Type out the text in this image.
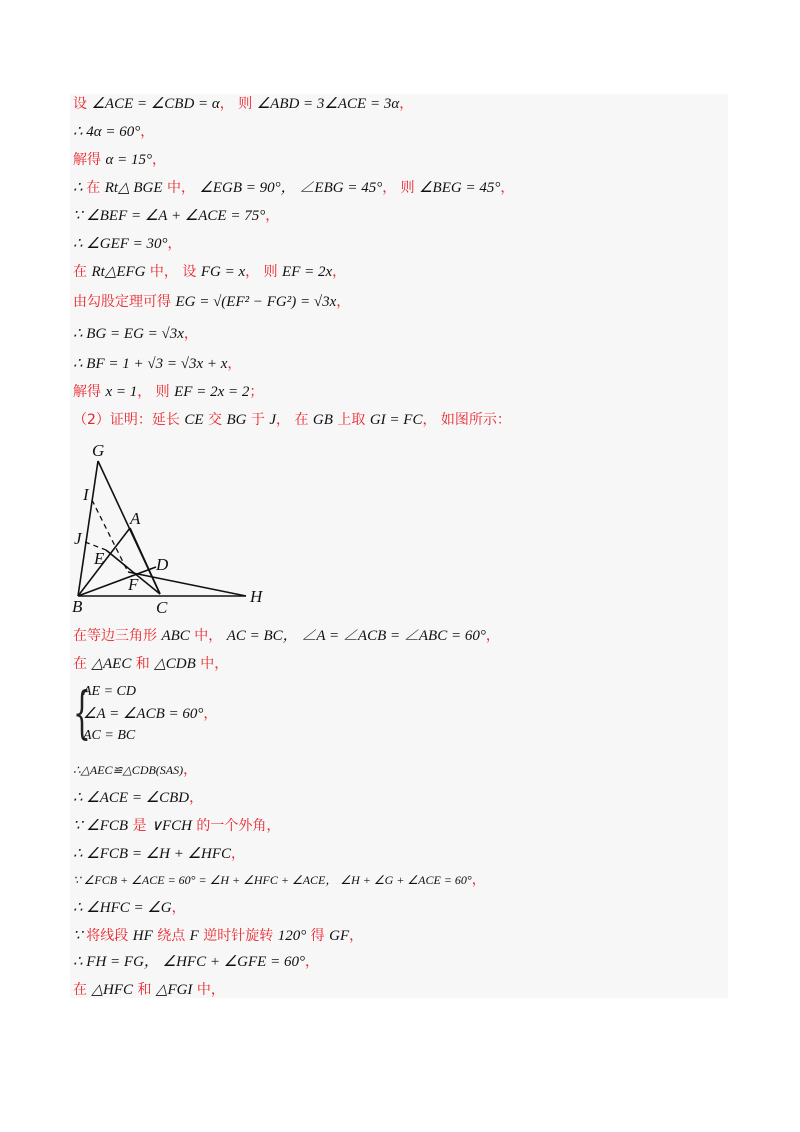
设 ∠ACE = ∠CBD = α， 则 ∠ABD = 3∠ACE = 3α，
∴ 4α = 60°，
解得 α = 15°，
∴ 在 Rt△ BGE 中， ∠EGB = 90°， ∠EBG = 45°， 则 ∠BEG = 45°，
∵ ∠BEF = ∠A + ∠ACE = 75°，
∴ ∠GEF = 30°，
在 Rt△EFG 中， 设 FG = x， 则 EF = 2x，
由勾股定理可得 EG = √(EF² − FG²) = √3x，
∴ BG = EG = √3x，
∴ BF = 1 + √3 = √3x + x，
解得 x = 1， 则 EF = 2x = 2；
（2）证明：延长 CE 交 BG 于 J， 在 GB 上取 GI = FC， 如图所示：
G
I
A
J
E	D
F
B	C
H
在等边三角形 ABC 中， AC = BC， ∠A = ∠ACB = ∠ABC = 60°，
在 △AEC 和 △CDB 中，
{
AE = CD
∠A = ∠ACB = 60°，
AC = BC
∴△AEC≌△CDB(SAS)，
∴ ∠ACE = ∠CBD，
∵ ∠FCB 是 ∨FCH 的一个外角，
∴ ∠FCB = ∠H + ∠HFC，
∵ ∠FCB + ∠ACE = 60° = ∠H + ∠HFC + ∠ACE， ∠H + ∠G + ∠ACE = 60°，
∴ ∠HFC = ∠G，
∵ 将线段 HF 绕点 F 逆时针旋转 120° 得 GF，
∴ FH = FG， ∠HFC + ∠GFE = 60°，
在 △HFC 和 △FGI 中，
